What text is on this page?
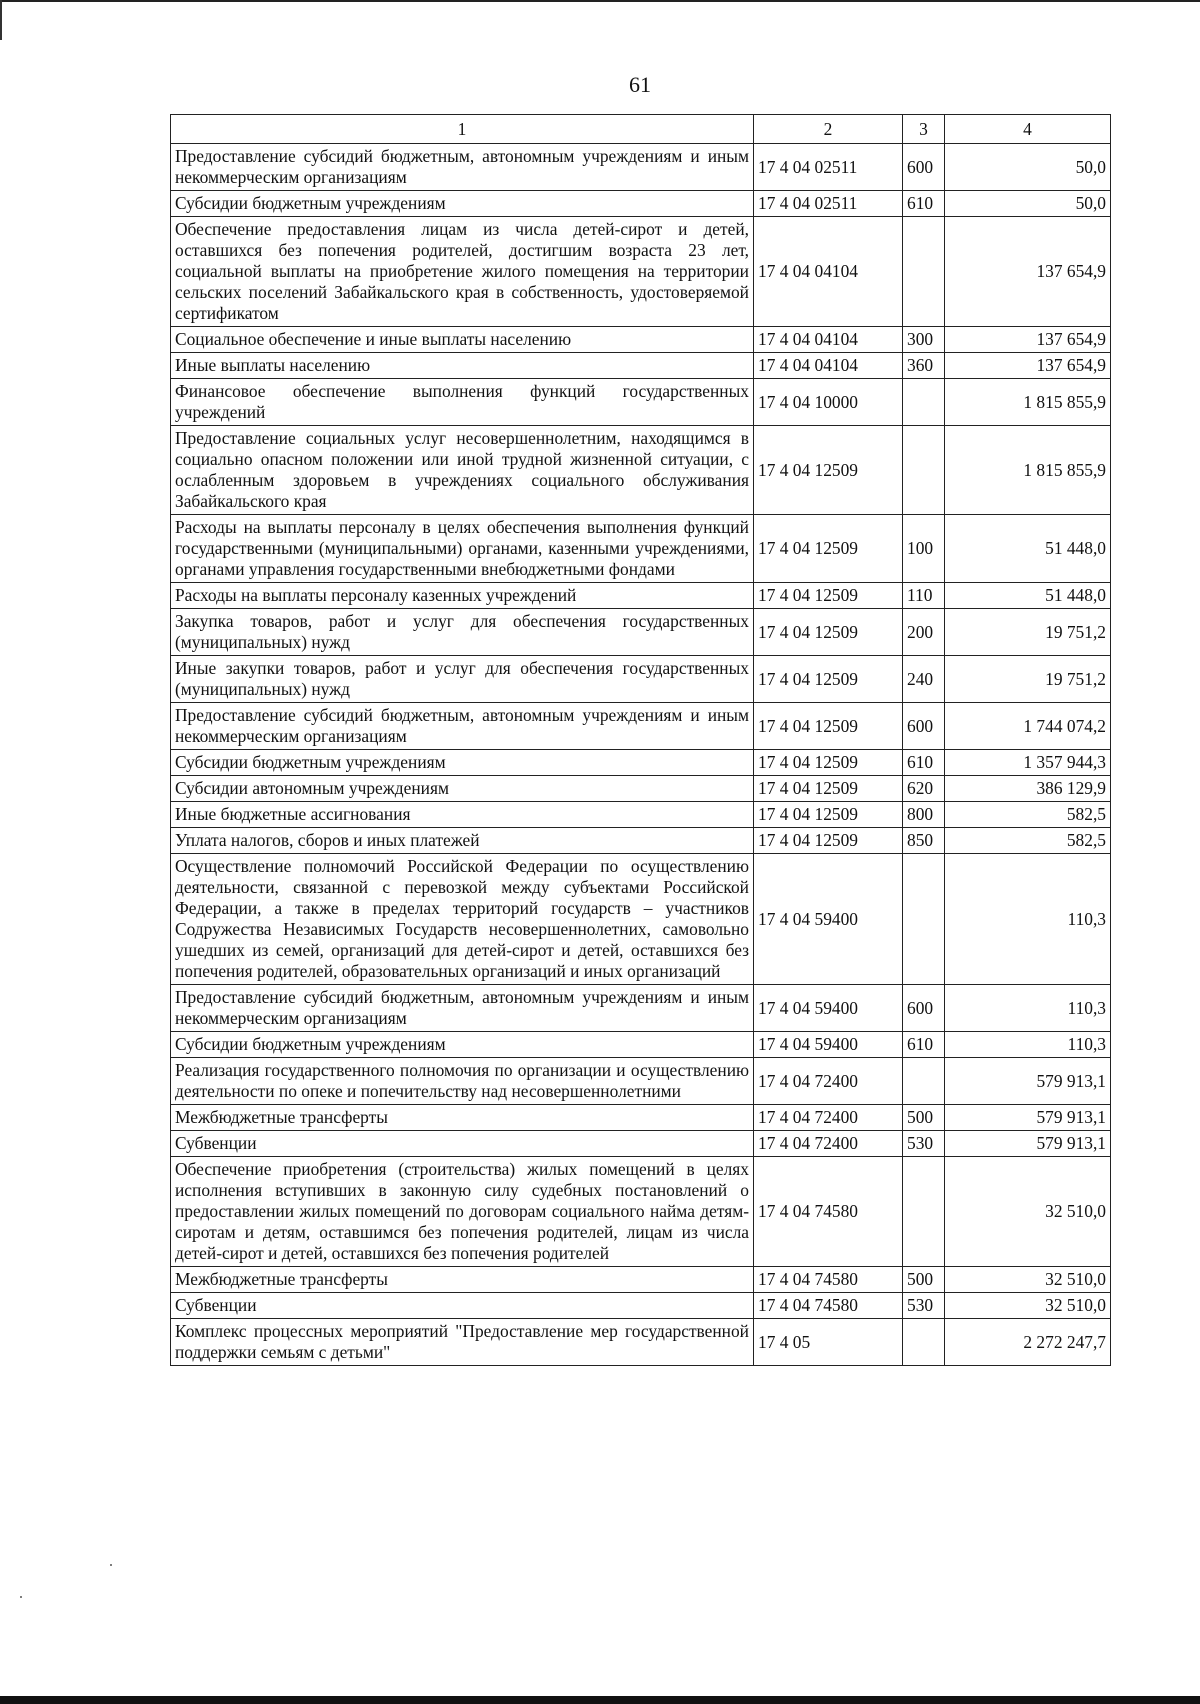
61
1	2	3	4
Предоставление субсидий бюджетным, автономным учреждениям и иным некоммерческим организациям	17 4 04 02511	600	50,0
Субсидии бюджетным учреждениям	17 4 04 02511	610	50,0
Обеспечение предоставления лицам из числа детей-сирот и детей, оставшихся без попечения родителей, достигшим возраста 23 лет, социальной выплаты на приобретение жилого помещения на территории сельских поселений Забайкальского края в собственность, удостоверяемой сертификатом	17 4 04 04104		137 654,9
Социальное обеспечение и иные выплаты населению	17 4 04 04104	300	137 654,9
Иные выплаты населению	17 4 04 04104	360	137 654,9
Финансовое обеспечение выполнения функций государственных учреждений	17 4 04 10000		1 815 855,9
Предоставление социальных услуг несовершеннолетним, находящимся в социально опасном положении или иной трудной жизненной ситуации, с ослабленным здоровьем в учреждениях социального обслуживания Забайкальского края	17 4 04 12509		1 815 855,9
Расходы на выплаты персоналу в целях обеспечения выполнения функций государственными (муниципальными) органами, казенными учреждениями, органами управления государственными внебюджетными фондами	17 4 04 12509	100	51 448,0
Расходы на выплаты персоналу казенных учреждений	17 4 04 12509	110	51 448,0
Закупка товаров, работ и услуг для обеспечения государственных (муниципальных) нужд	17 4 04 12509	200	19 751,2
Иные закупки товаров, работ и услуг для обеспечения государственных (муниципальных) нужд	17 4 04 12509	240	19 751,2
Предоставление субсидий бюджетным, автономным учреждениям и иным некоммерческим организациям	17 4 04 12509	600	1 744 074,2
Субсидии бюджетным учреждениям	17 4 04 12509	610	1 357 944,3
Субсидии автономным учреждениям	17 4 04 12509	620	386 129,9
Иные бюджетные ассигнования	17 4 04 12509	800	582,5
Уплата налогов, сборов и иных платежей	17 4 04 12509	850	582,5
Осуществление полномочий Российской Федерации по осуществлению деятельности, связанной с перевозкой между субъектами Российской Федерации, а также в пределах территорий государств – участников Содружества Независимых Государств несовершеннолетних, самовольно ушедших из семей, организаций для детей-сирот и детей, оставшихся без попечения родителей, образовательных организаций и иных организаций	17 4 04 59400		110,3
Предоставление субсидий бюджетным, автономным учреждениям и иным некоммерческим организациям	17 4 04 59400	600	110,3
Субсидии бюджетным учреждениям	17 4 04 59400	610	110,3
Реализация государственного полномочия по организации и осуществлению деятельности по опеке и попечительству над несовершеннолетними	17 4 04 72400		579 913,1
Межбюджетные трансферты	17 4 04 72400	500	579 913,1
Субвенции	17 4 04 72400	530	579 913,1
Обеспечение приобретения (строительства) жилых помещений в целях исполнения вступивших в законную силу судебных постановлений о предоставлении жилых помещений по договорам социального найма детям-сиротам и детям, оставшимся без попечения родителей, лицам из числа детей-сирот и детей, оставшихся без попечения родителей	17 4 04 74580		32 510,0
Межбюджетные трансферты	17 4 04 74580	500	32 510,0
Субвенции	17 4 04 74580	530	32 510,0
Комплекс процессных мероприятий "Предоставление мер государственной поддержки семьям с детьми"	17 4 05		2 272 247,7
